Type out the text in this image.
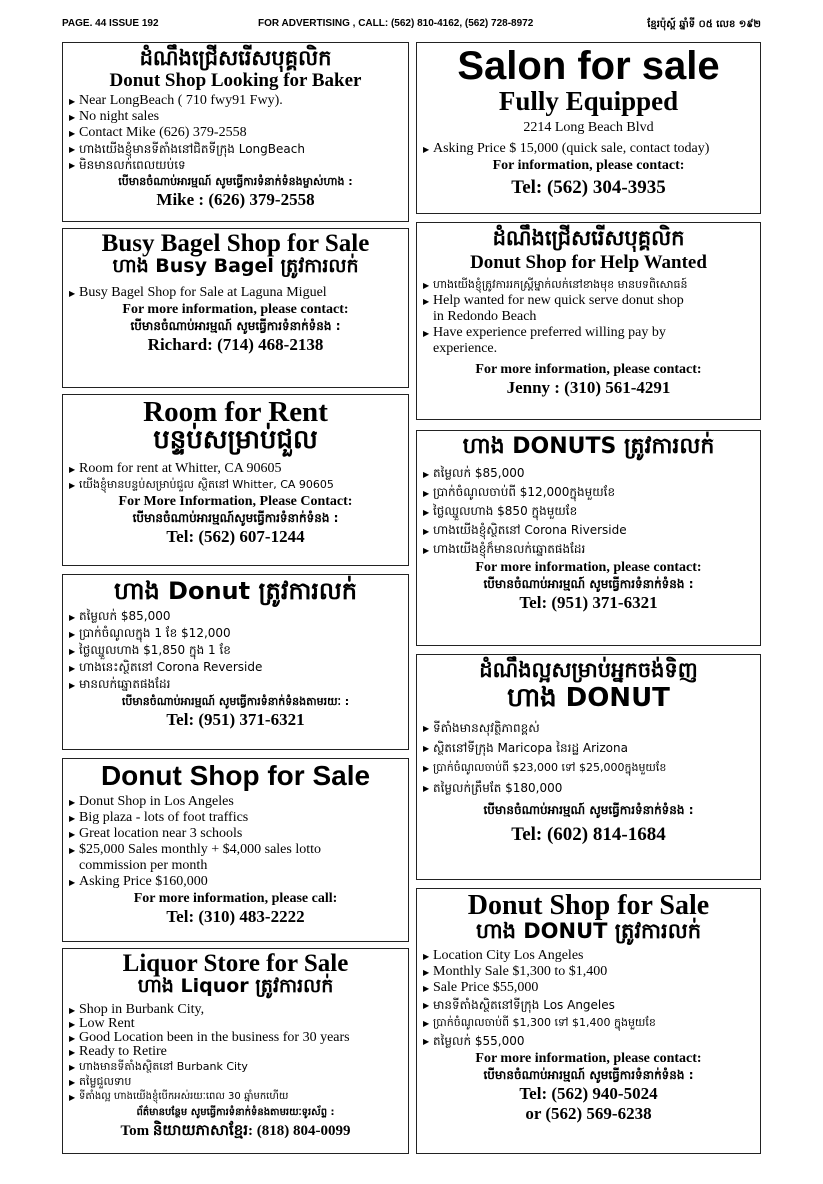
PAGE. 44 ISSUE 192	FOR ADVERTISING , CALL: (562) 810-4162, (562) 728-8972	ខ្មែរប៉ុស្ដ៍ ឆ្នាំទី ០៥ លេខ ១៩២
ដំណឹងជ្រើសរើសបុគ្គលិក
Donut Shop Looking for Baker
▶ Near LongBeach ( 710 fwy91 Fwy).
▶ No night sales
▶ Contact Mike (626) 379-2558
▶ ហាងយើងខ្ញុំមានទីតាំងនៅជិតទីក្រុង LongBeach
▶ មិនមានលក់ពេលយប់ទេ
បើមានចំណាប់អារម្មណ៍ សូមធ្វើការទំនាក់ទំនងម្ចាស់ហាង :
Mike : (626) 379-2558
Salon for sale
Fully Equipped
2214 Long Beach Blvd
▶ Asking Price $ 15,000 (quick sale, contact today)
For information, please contact:
Tel: (562) 304-3935
Busy Bagel Shop for Sale
ហាង Busy Bagel ត្រូវការលក់
▶ Busy Bagel Shop for Sale at Laguna Miguel
For more information, please contact:
បើមានចំណាប់អារម្មណ៍ សូមធ្វើការទំនាក់ទំនង :
Richard: (714) 468-2138
ដំណឹងជ្រើសរើសបុគ្គលិក
Donut Shop for Help Wanted
▶ ហាងយើងខ្ញុំត្រូវការរកស្ត្រីម្នាក់លក់នៅខាងមុខ មានបទពិសោធន៍
▶ Help wanted for new quick serve donut shop
in Redondo Beach
▶ Have experience preferred willing pay by
experience.
For more information, please contact:
Jenny : (310) 561-4291
Room for Rent
បន្ទប់សម្រាប់ជួល
▶ Room for rent at Whitter, CA 90605
▶ យើងខ្ញុំមានបន្ទប់សម្រាប់ជួល ស្ថិតនៅ Whitter, CA 90605
For More Information, Please Contact:
បើមានចំណាប់អារម្មណ៍សូមធ្វើការទំនាក់ទំនង :
Tel: (562) 607-1244
ហាង DONUTS ត្រូវការលក់
▶ តម្លៃលក់ $85,000
▶ ប្រាក់ចំណូលចាប់ពី $12,000ក្នុងមួយខែ
▶ ថ្លៃឈ្នួលហាង $850 ក្នុងមួយខែ
▶ ហាងយើងខ្ញុំស្ថិតនៅ Corona Riverside
▶ ហាងយើងខ្ញុំក៏មានលក់ឆ្នោតផងដែរ
For more information, please contact:
បើមានចំណាប់អារម្មណ៍ សូមធ្វើការទំនាក់ទំនង :
Tel: (951) 371-6321
ហាង Donut ត្រូវការលក់
▶ តម្លៃលក់ $85,000
▶ ប្រាក់ចំណូលក្នុង 1 ខែ $12,000
▶ ថ្លៃឈ្នួលហាង $1,850 ក្នុង 1 ខែ
▶ ហាងនេះស្ថិតនៅ Corona Reverside
▶ មានលក់ឆ្នោតផងដែរ
បើមានចំណាប់អារម្មណ៍ សូមធ្វើការទំនាក់ទំនងតាមរយៈ :
Tel: (951) 371-6321
ដំណឹងល្អសម្រាប់អ្នកចង់ទិញ
ហាង DONUT
▶ ទីតាំងមានសុវត្ថិភាពខ្ពស់
▶ ស្ថិតនៅទីក្រុង Maricopa នៃរដ្ឋ Arizona
▶ ប្រាក់ចំណូលចាប់ពី $23,000 ទៅ $25,000ក្នុងមួយខែ
▶ តម្លៃលក់ត្រឹមតែ $180,000
បើមានចំណាប់អារម្មណ៍ សូមធ្វើការទំនាក់ទំនង :
Tel: (602) 814-1684
Donut Shop for Sale
▶ Donut Shop in Los Angeles
▶ Big plaza - lots of foot traffics
▶ Great location near 3 schools
▶ $25,000 Sales monthly + $4,000 sales lotto
commission per month
▶ Asking Price $160,000
For more information, please call:
Tel: (310) 483-2222	Donut Shop for Sale
ហាង DONUT ត្រូវការលក់
▶ Location City Los Angeles
▶ Monthly Sale $1,300 to $1,400
▶ Sale Price $55,000
▶ មានទីតាំងស្ថិតនៅទីក្រុង Los Angeles
▶ ប្រាក់ចំណូលចាប់ពី $1,300 ទៅ $1,400 ក្នុងមួយខែ
▶ តម្លៃលក់ $55,000
For more information, please contact:
បើមានចំណាប់អារម្មណ៍ សូមធ្វើការទំនាក់ទំនង :
Tel: (562) 940-5024
or (562) 569-6238
Liquor Store for Sale
ហាង Liquor ត្រូវការលក់
▶ Shop in Burbank City,
▶ Low Rent
▶ Good Location been in the business for 30 years
▶ Ready to Retire
▶ ហាងមានទីតាំងស្ថិតនៅ Burbank City
▶ តម្លៃជួលទាប
▶ ទីតាំងល្អ ហាងយើងខ្ញុំបើកអស់រយៈពេល 30 ឆ្នាំមកហើយ
ព័ត៌មានបន្ថែម សូមធ្វើការទំនាក់ទំនងតាមរយៈទូរស័ព្ទ :
Tom និយាយភាសាខ្មែរ: (818) 804-0099
